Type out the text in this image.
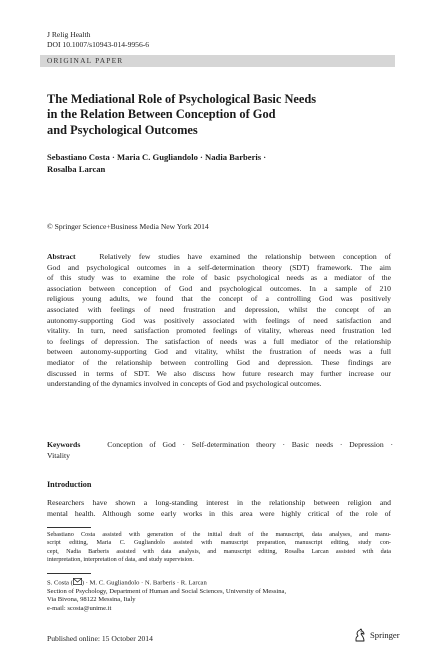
J Relig Health
DOI 10.1007/s10943-014-9956-6
ORIGINAL PAPER
The Mediational Role of Psychological Basic Needs
in the Relation Between Conception of God
and Psychological Outcomes
Sebastiano Costa · Maria C. Gugliandolo · Nadia Barberis ·
Rosalba Larcan
© Springer Science+Business Media New York 2014
Abstract	Relatively few studies have examined the relationship between conception of
God and psychological outcomes in a self-determination theory (SDT) framework. The aim
of this study was to examine the role of basic psychological needs as a mediator of the
association between conception of God and psychological outcomes. In a sample of 210
religious young adults, we found that the concept of a controlling God was positively
associated with feelings of need frustration and depression, whilst the concept of an
autonomy-supporting God was positively associated with feelings of need satisfaction and
vitality. In turn, need satisfaction promoted feelings of vitality, whereas need frustration led
to feelings of depression. The satisfaction of needs was a full mediator of the relationship
between autonomy-supporting God and vitality, whilst the frustration of needs was a full
mediator of the relationship between controlling God and depression. These findings are
discussed in terms of SDT. We also discuss how future research may further increase our
understanding of the dynamics involved in concepts of God and psychological outcomes.
Keywords	Conception of God · Self-determination theory · Basic needs · Depression ·
Vitality
Introduction
Researchers have shown a long-standing interest in the relationship between religion and
mental health. Although some early works in this area were highly critical of the role of
Sebastiano Costa assisted with generation of the initial draft of the manuscript, data analyses, and manu-
script editing, Maria C. Gugliandolo assisted with manuscript preparation, manuscript editing, study con-
cept, Nadia Barberis assisted with data analysis, and manuscript editing, Rosalba Larcan assisted with data
interpretation, interpretation of data, and study supervision.
S. Costa ( ) · M. C. Gugliandolo · N. Barberis · R. Larcan
Section of Psychology, Department of Human and Social Sciences, University of Messina,
Via Bivona, 98122 Messina, Italy
e-mail: scosta@unime.it
Published online: 15 October 2014	Springer
